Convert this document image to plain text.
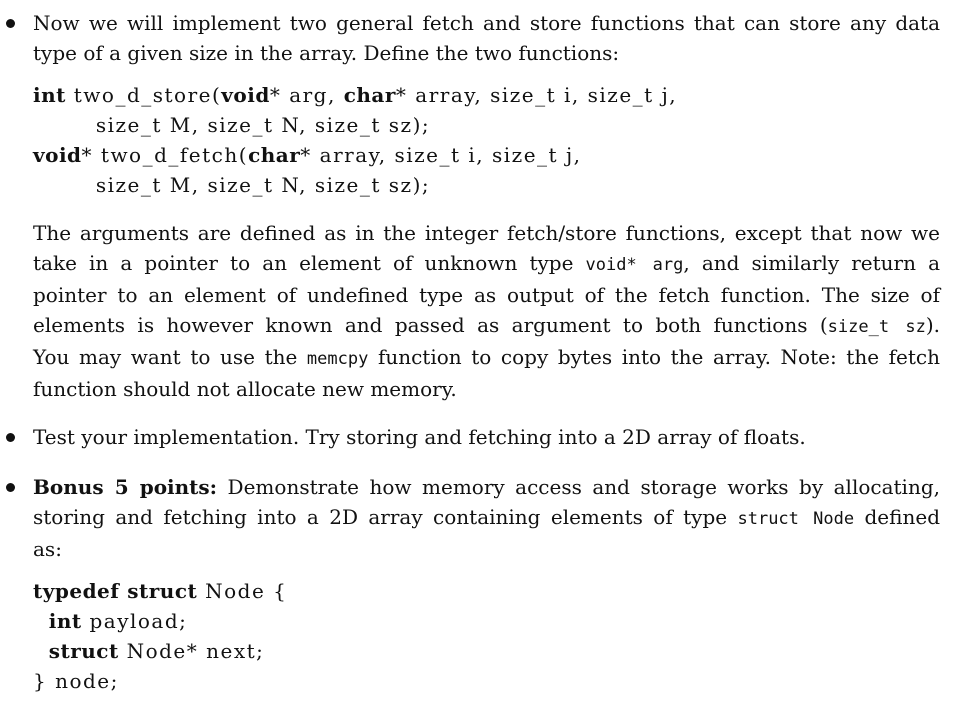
Now we will implement two general fetch and store functions that can store any data
type of a given size in the array. Define the two functions:
int two_d_store(void* arg, char* array, size_t i, size_t j,
size_t M, size_t N, size_t sz);
void* two_d_fetch(char* array, size_t i, size_t j,
size_t M, size_t N, size_t sz);
The arguments are defined as in the integer fetch/store functions, except that now we
take in a pointer to an element of unknown type void* arg, and similarly return a
pointer to an element of undefined type as output of the fetch function. The size of
elements is however known and passed as argument to both functions (size_t sz).
You may want to use the memcpy function to copy bytes into the array. Note: the fetch
function should not allocate new memory.
Test your implementation. Try storing and fetching into a 2D array of floats.
Bonus 5 points: Demonstrate how memory access and storage works by allocating,
storing and fetching into a 2D array containing elements of type struct Node defined
as:
typedef struct Node {
int payload;
struct Node* next;
} node;
